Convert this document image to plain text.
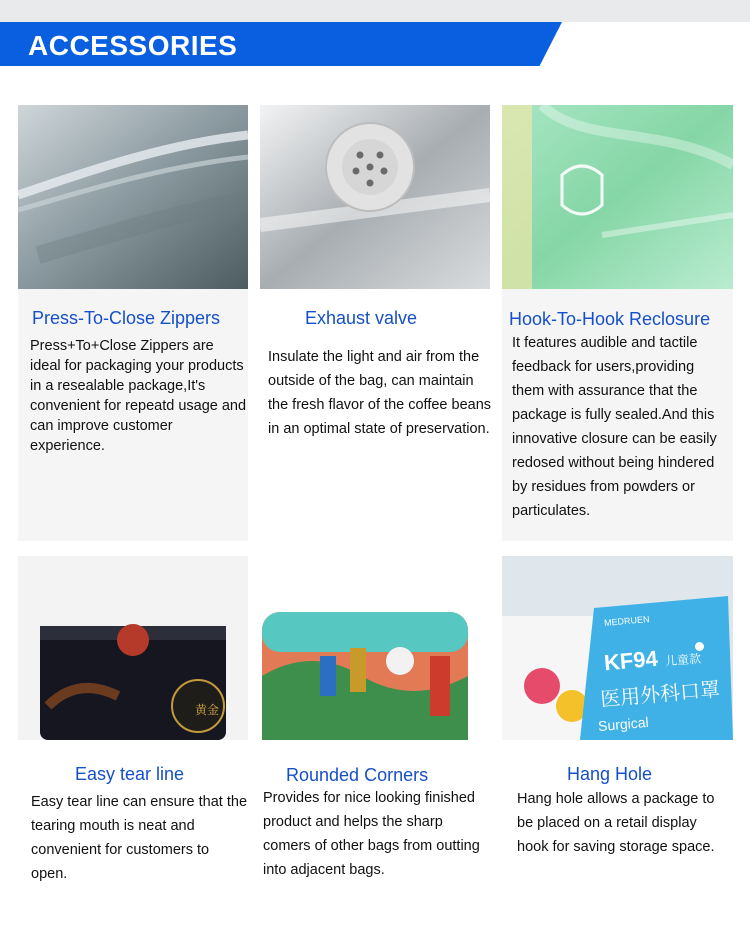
ACCESSORIES
Press-To-Close Zippers
Press+To+Close Zippers are ideal for packaging your products in a resealable package,It's convenient for repeatd usage and can improve customer experience.
Exhaust valve
Insulate the light and air from the outside of the bag, can maintain the fresh flavor of the coffee beans in an optimal state of preservation.
Hook-To-Hook Reclosure
It features audible and tactile feedback for users,providing them with assurance that the package is fully sealed.And this innovative closure can be easily redosed without being hindered by residues from powders or particulates.
黄金
MEDRUEN
KF94 儿童款
医用外科口罩
Surgical
Easy tear line
Easy tear line can ensure that the tearing mouth is neat and convenient for customers to open.
Rounded Corners
Provides for nice looking finished product and helps the sharp comers of other bags from outting into adjacent bags.
Hang Hole
Hang hole allows a package to be placed on a retail display hook for saving storage space.
